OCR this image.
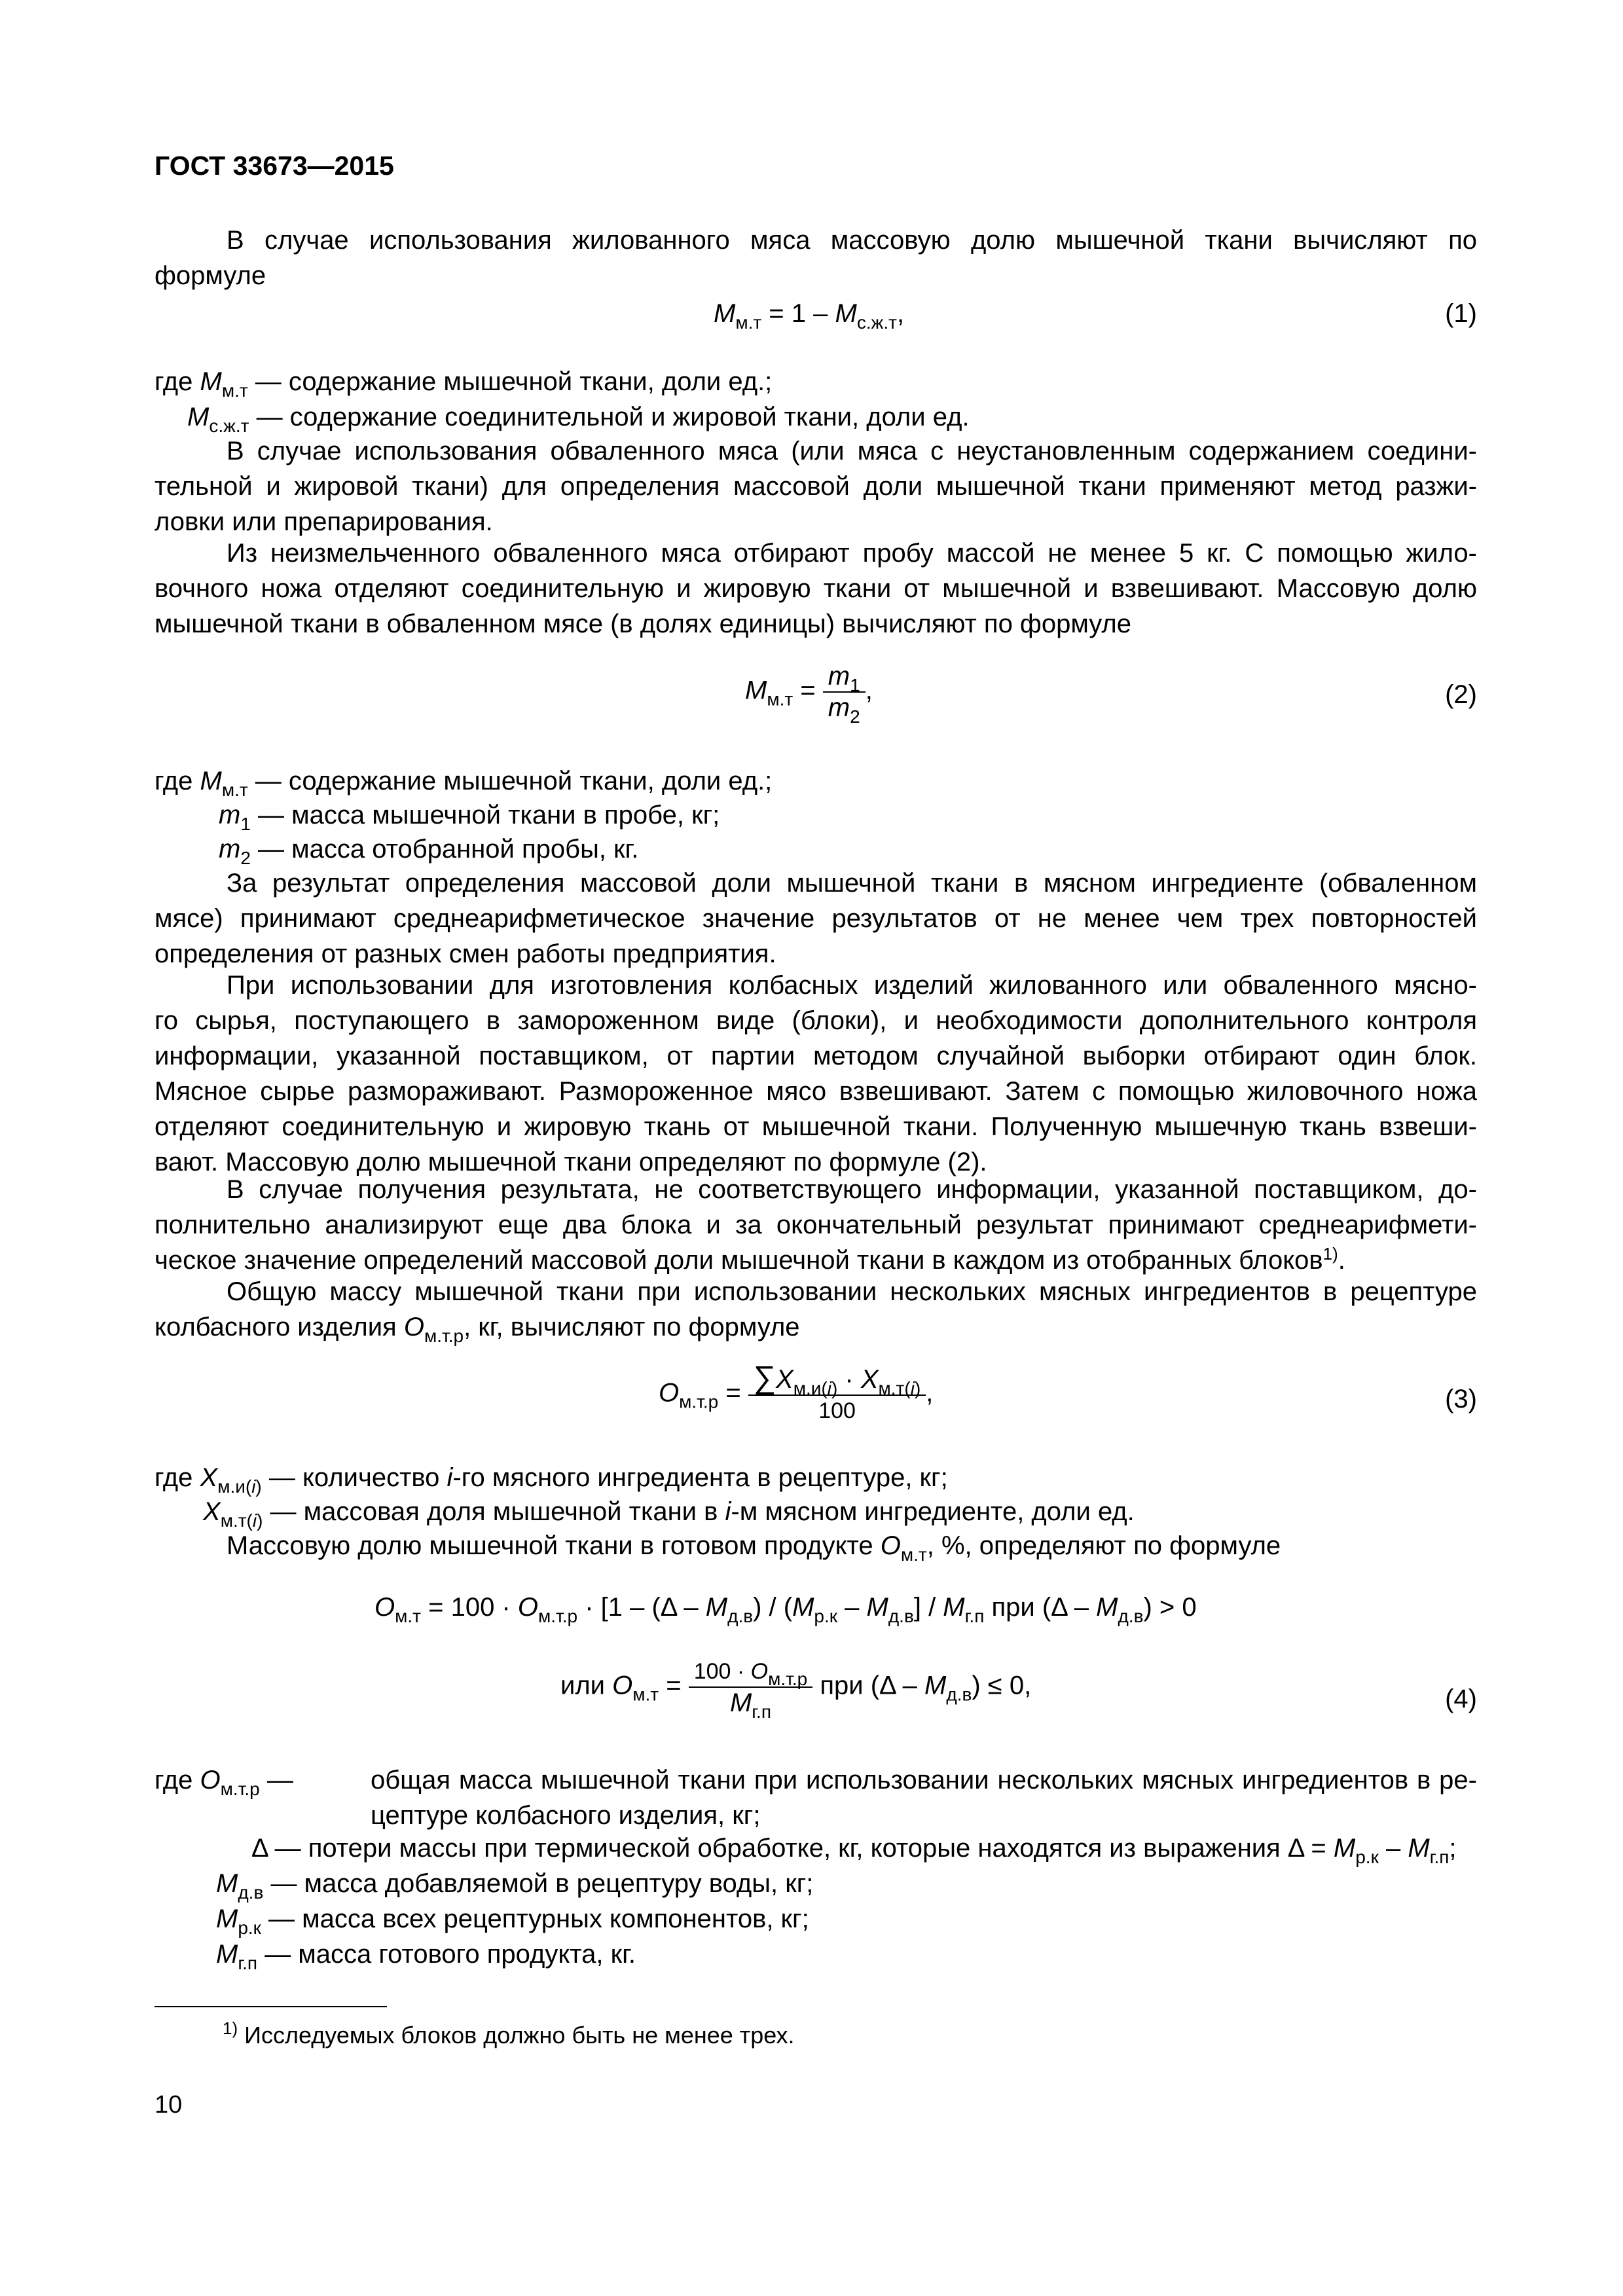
ГОСТ 33673—2015
В случае использования жилованного мяса массовую долю мышечной ткани вычисляют по
формуле
$М_{м.т} = 1 - М_{с.ж.т}$,	(1)
где $М_{м.т}$ — содержание мышечной ткани, доли ед.;
$М_{с.ж.т}$ — содержание соединительной и жировой ткани, доли ед.
В случае использования обваленного мяса (или мяса с неустановленным содержанием соедини-
тельной и жировой ткани) для определения массовой доли мышечной ткани применяют метод разжи-
ловки или препарирования.
Из неизмельченного обваленного мяса отбирают пробу массой не менее 5 кг. С помощью жило-
вочного ножа отделяют соединительную и жировую ткани от мышечной и взвешивают. Массовую долю
мышечной ткани в обваленном мясе (в долях единицы) вычисляют по формуле
$М_{м.т} = \frac{m_1}{m_2}$ ,	(2)
где $М_{м.т}$ — содержание мышечной ткани, доли ед.;
$m_1$ — масса мышечной ткани в пробе, кг;
$m_2$ — масса отобранной пробы, кг.
За результат определения массовой доли мышечной ткани в мясном ингредиенте (обваленном
мясе) принимают среднеарифметическое значение результатов от не менее чем трех повторностей
определения от разных смен работы предприятия.
При использовании для изготовления колбасных изделий жилованного или обваленного мясно-
го сырья, поступающего в замороженном виде (блоки), и необходимости дополнительного контроля
информации, указанной поставщиком, от партии методом случайной выборки отбирают один блок.
Мясное сырье размораживают. Размороженное мясо взвешивают. Затем с помощью жиловочного ножа
отделяют соединительную и жировую ткань от мышечной ткани. Полученную мышечную ткань взвеши-
вают. Массовую долю мышечной ткани определяют по формуле (2).
В случае получения результата, не соответствующего информации, указанной поставщиком, до-
полнительно анализируют еще два блока и за окончательный результат принимают среднеарифмети-
ческое значение определений массовой доли мышечной ткани в каждом из отобранных блоков$^{1)}$.
Общую массу мышечной ткани при использовании нескольких мясных ингредиентов в рецептуре
колбасного изделия $О_{м.т.р}$, кг, вычисляют по формуле
$О_{м.т.р} = \frac{\sum X_{м.и(i)} \cdot X_{м.т(i)}}{100}$ ,	(3)
где $X_{м.и(i)}$ — количество i-го мясного ингредиента в рецептуре, кг;
$X_{м.т(i)}$ — массовая доля мышечной ткани в i-м мясном ингредиенте, доли ед.
Массовую долю мышечной ткани в готовом продукте $О_{м.т}$, %, определяют по формуле
$О_{м.т} = 100 \cdot О_{м.т.р} \cdot [1 - (\Delta - М_{д.в}) / (М_{р.к} - М_{д.в}] / М_{г.п}$ при $(\Delta - М_{д.в}) > 0$
или $О_{м.т} = \frac{100 \cdot О_{м.т.р}}{М_{г.п}}$ при $(\Delta - М_{д.в}) \le 0$,	(4)
где $О_{м.т.р}$ —	общая масса мышечной ткани при использовании нескольких мясных ингредиентов в ре-
цептуре колбасного изделия, кг;
Δ — потери массы при термической обработке, кг, которые находятся из выражения $\Delta = М_{р.к} - М_{г.п}$;
$М_{д.в}$ — масса добавляемой в рецептуру воды, кг;
$М_{р.к}$ — масса всех рецептурных компонентов, кг;
$М_{г.п}$ — масса готового продукта, кг.
$^{1)}$ Исследуемых блоков должно быть не менее трех.
10
